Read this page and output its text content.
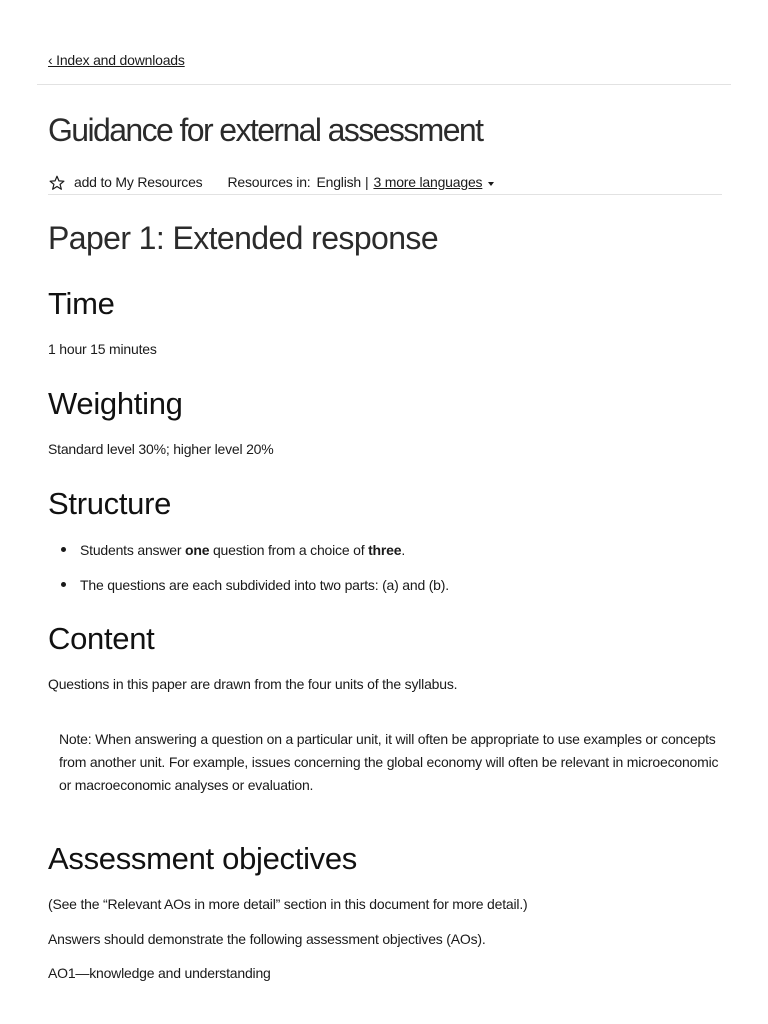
‹ Index and downloads
Guidance for external assessment
add to My Resources Resources in: English | 3 more languages
Paper 1: Extended response
Time

1 hour 15 minutes

Weighting

Standard level 30%; higher level 20%

Structure
Students answer one question from a choice of three.
The questions are each subdivided into two parts: (a) and (b).
Content

Questions in this paper are drawn from the four units of the syllabus.

Note: When answering a question on a particular unit, it will often be appropriate to use examples or concepts from another unit. For example, issues concerning the global economy will often be relevant in microeconomic or macroeconomic analyses or evaluation.

Assessment objectives

(See the “Relevant AOs in more detail” section in this document for more detail.)

Answers should demonstrate the following assessment objectives (AOs).

AO1—knowledge and understanding
